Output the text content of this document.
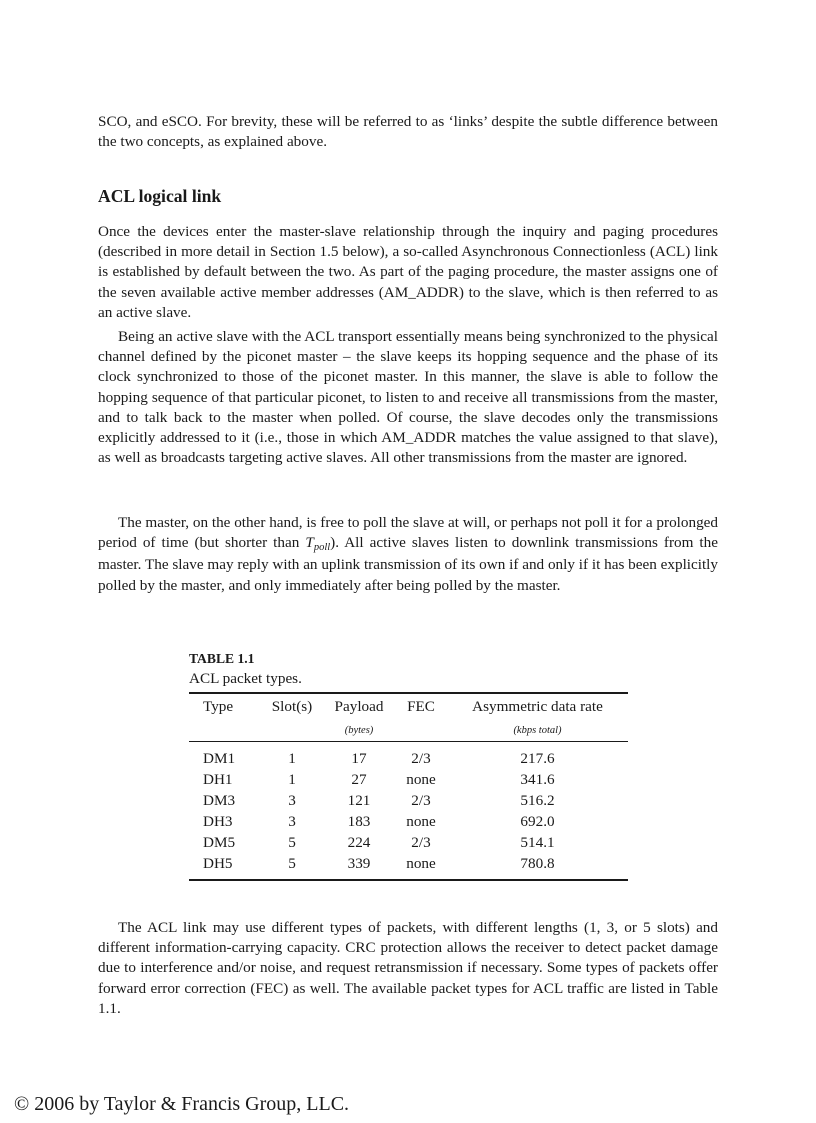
SCO, and eSCO. For brevity, these will be referred to as ‘links’ despite the subtle difference between the two concepts, as explained above.

ACL logical link

Once the devices enter the master-slave relationship through the inquiry and paging procedures (described in more detail in Section 1.5 below), a so-called Asynchronous Connectionless (ACL) link is established by default between the two. As part of the paging procedure, the master assigns one of the seven available active member addresses (AM_ADDR) to the slave, which is then referred to as an active slave.

Being an active slave with the ACL transport essentially means being synchronized to the physical channel defined by the piconet master – the slave keeps its hopping sequence and the phase of its clock synchronized to those of the piconet master. In this manner, the slave is able to follow the hopping sequence of that particular piconet, to listen to and receive all transmissions from the master, and to talk back to the master when polled. Of course, the slave decodes only the transmissions explicitly addressed to it (i.e., those in which AM_ADDR matches the value assigned to that slave), as well as broadcasts targeting active slaves. All other transmissions from the master are ignored.

The master, on the other hand, is free to poll the slave at will, or perhaps not poll it for a prolonged period of time (but shorter than Tpoll). All active slaves listen to downlink transmissions from the master. The slave may reply with an uplink transmission of its own if and only if it has been explicitly polled by the master, and only immediately after being polled by the master.

TABLE 1.1
ACL packet types.
Type	Slot(s)	Payload	FEC	Asymmetric data rate
		(bytes)		(kbps total)
DM1	1	17	2/3	217.6
DH1	1	27	none	341.6
DM3	3	121	2/3	516.2
DH3	3	183	none	692.0
DM5	5	224	2/3	514.1
DH5	5	339	none	780.8

The ACL link may use different types of packets, with different lengths (1, 3, or 5 slots) and different information-carrying capacity. CRC protection allows the receiver to detect packet damage due to interference and/or noise, and request retransmission if necessary. Some types of packets offer forward error correction (FEC) as well. The available packet types for ACL traffic are listed in Table 1.1.

© 2006 by Taylor & Francis Group, LLC.
